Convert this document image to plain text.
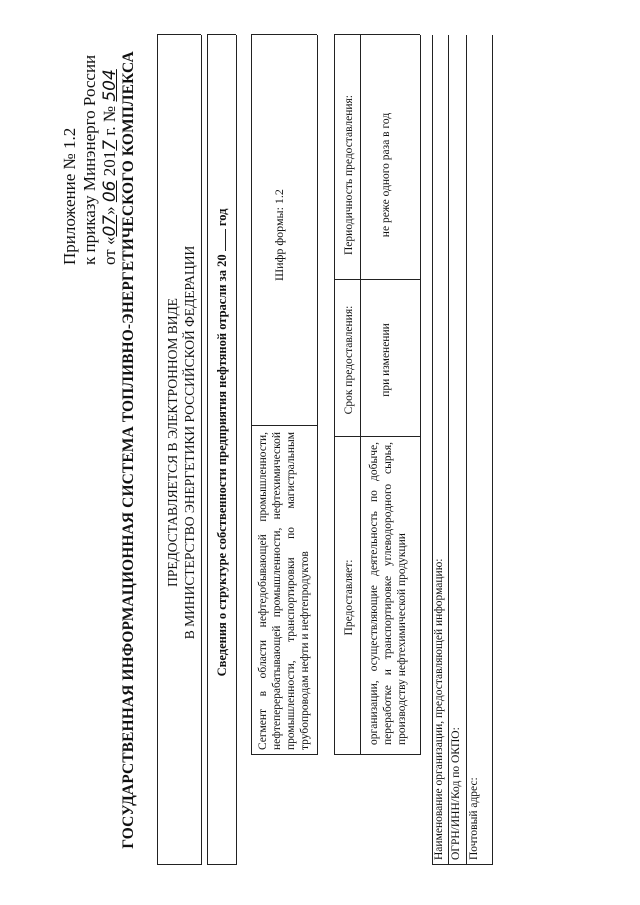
Приложение № 1.2 к приказу Минэнерго России от «07» 06 2017 г. № 504 ГОСУДАРСТВЕННАЯ ИНФОРМАЦИОННАЯ СИСТЕМА ТОПЛИВНО-ЭНЕРГЕТИЧЕСКОГО КОМПЛЕКСА ПРЕДОСТАВЛЯЕТСЯ В ЭЛЕКТРОННОМ ВИДЕ В МИНИСТЕРСТВО ЭНЕРГЕТИКИ РОССИЙСКОЙ ФЕДЕРАЦИИ Сведения о структуре собственности предприятия нефтяной отрасли за 20  год
Сегмент в области нефтедобывающей промышленности, нефтеперерабатывающей промышленности, нефтехимической промышленности, транспортировки по магистральным трубопроводам нефти и нефтепродуктов
Шифр формы: 1.2
Предоставляет:
Срок предоставления:
Периодичность предоставления:
организации, осуществляющие деятельность по добыче, переработке и транспортировке углеводородного сырья, производству нефтехимической продукции
при изменении
не реже одного раза в год
Наименование организации, предоставляющей информацию: ОГРН/ИНН/Код по ОКПО: Почтовый адрес:
